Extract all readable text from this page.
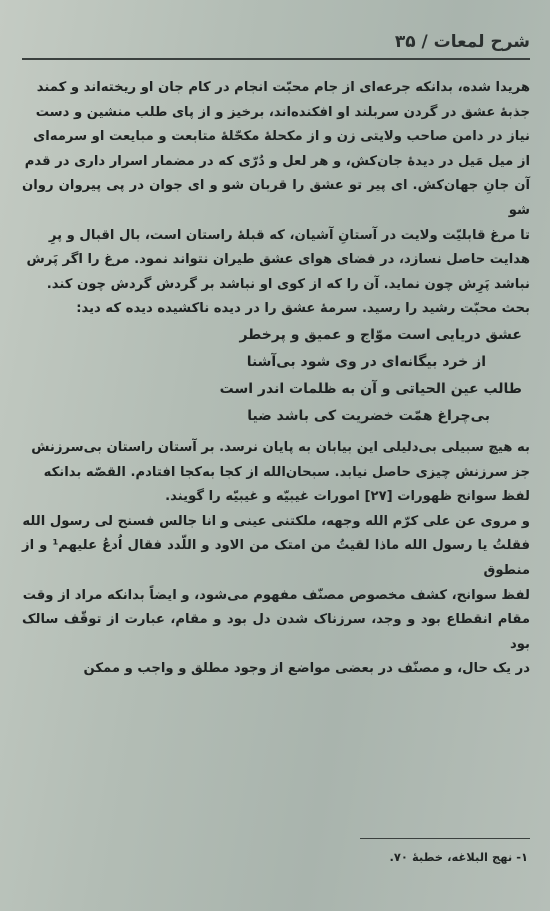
شرح لمعات / ۳۵

هریدا شده، بدانکه جرعه‌ای از جام محبّت انجام در کام جان او ریخته‌اند و کمند

جذبهٔ عشق در گردن سربلند او افکنده‌اند، برخیز و از پای طلب منشین و دست

نیاز در دامن صاحب ولایتی زن و از مکحلهٔ مکحّلهٔ متابعت و مبایعت او سرمه‌ای

از میل مَیل در دیدهٔ جان‌کش، و هر لعل و دُرّی که در مضمار اسرار داری در قدم

آن جانِ جهان‌کش. ای پیر تو عشق را قربان شو و ای جوان در پی پیروان روان شو

تا مرغ قابلیّت ولایت در آستانِ آشیان، که قبلهٔ راستان است، بال اقبال و پرِ

هدایت حاصل نسازد، در فضای هوای عشق طیران نتواند نمود. مرغ را اگر پَرش

نباشد پَرِش چون نماید. آن را که از کوی او نباشد بر گردش گردش چون کند.

بحث محبّت رشید را رسید. سرمهٔ عشق را در دیده ناکشیده دیده که دید:

عشق دریایی است موّاج و عمیق و پرخطر

از خرد بیگانه‌ای در وی شود بی‌آشنا

طالب عین الحیاتی و آن به ظلمات اندر است

بی‌چراغ همّت خضریت کی باشد ضیا

به هیچ سبیلی بی‌دلیلی این بیابان به پایان نرسد. بر آستان راستان بی‌سرزنش

جز سرزنش چیزی حاصل نیابد. سبحان‌الله از کجا به‌کجا افتادم. القصّه بدانکه

لفظ سوانح ظهورات [۲۷] امورات غیبیّه و غیبیّه را گویند.

و مروی عن علی کرّم الله وجهه، ملکتنی عینی و انا جالس فسنح لی رسول الله

فقلتُ یا رسول الله ماذا لقیتُ من امتک من الاود و اللّدد فقال اُدعُ علیهم¹ و از منطوق

لفظ سوانح، کشف مخصوص مصنّف مفهوم می‌شود، و ایضاً بدانکه مراد از وقت

مقام انقطاع بود و وجد، سرزناک شدن دل بود و مقام، عبارت از توقّف سالک بود

در یک حال، و مصنّف در بعضی مواضع از وجود مطلق و واجب و ممکن

۱- نهج البلاغه، خطبهٔ ۷۰.
